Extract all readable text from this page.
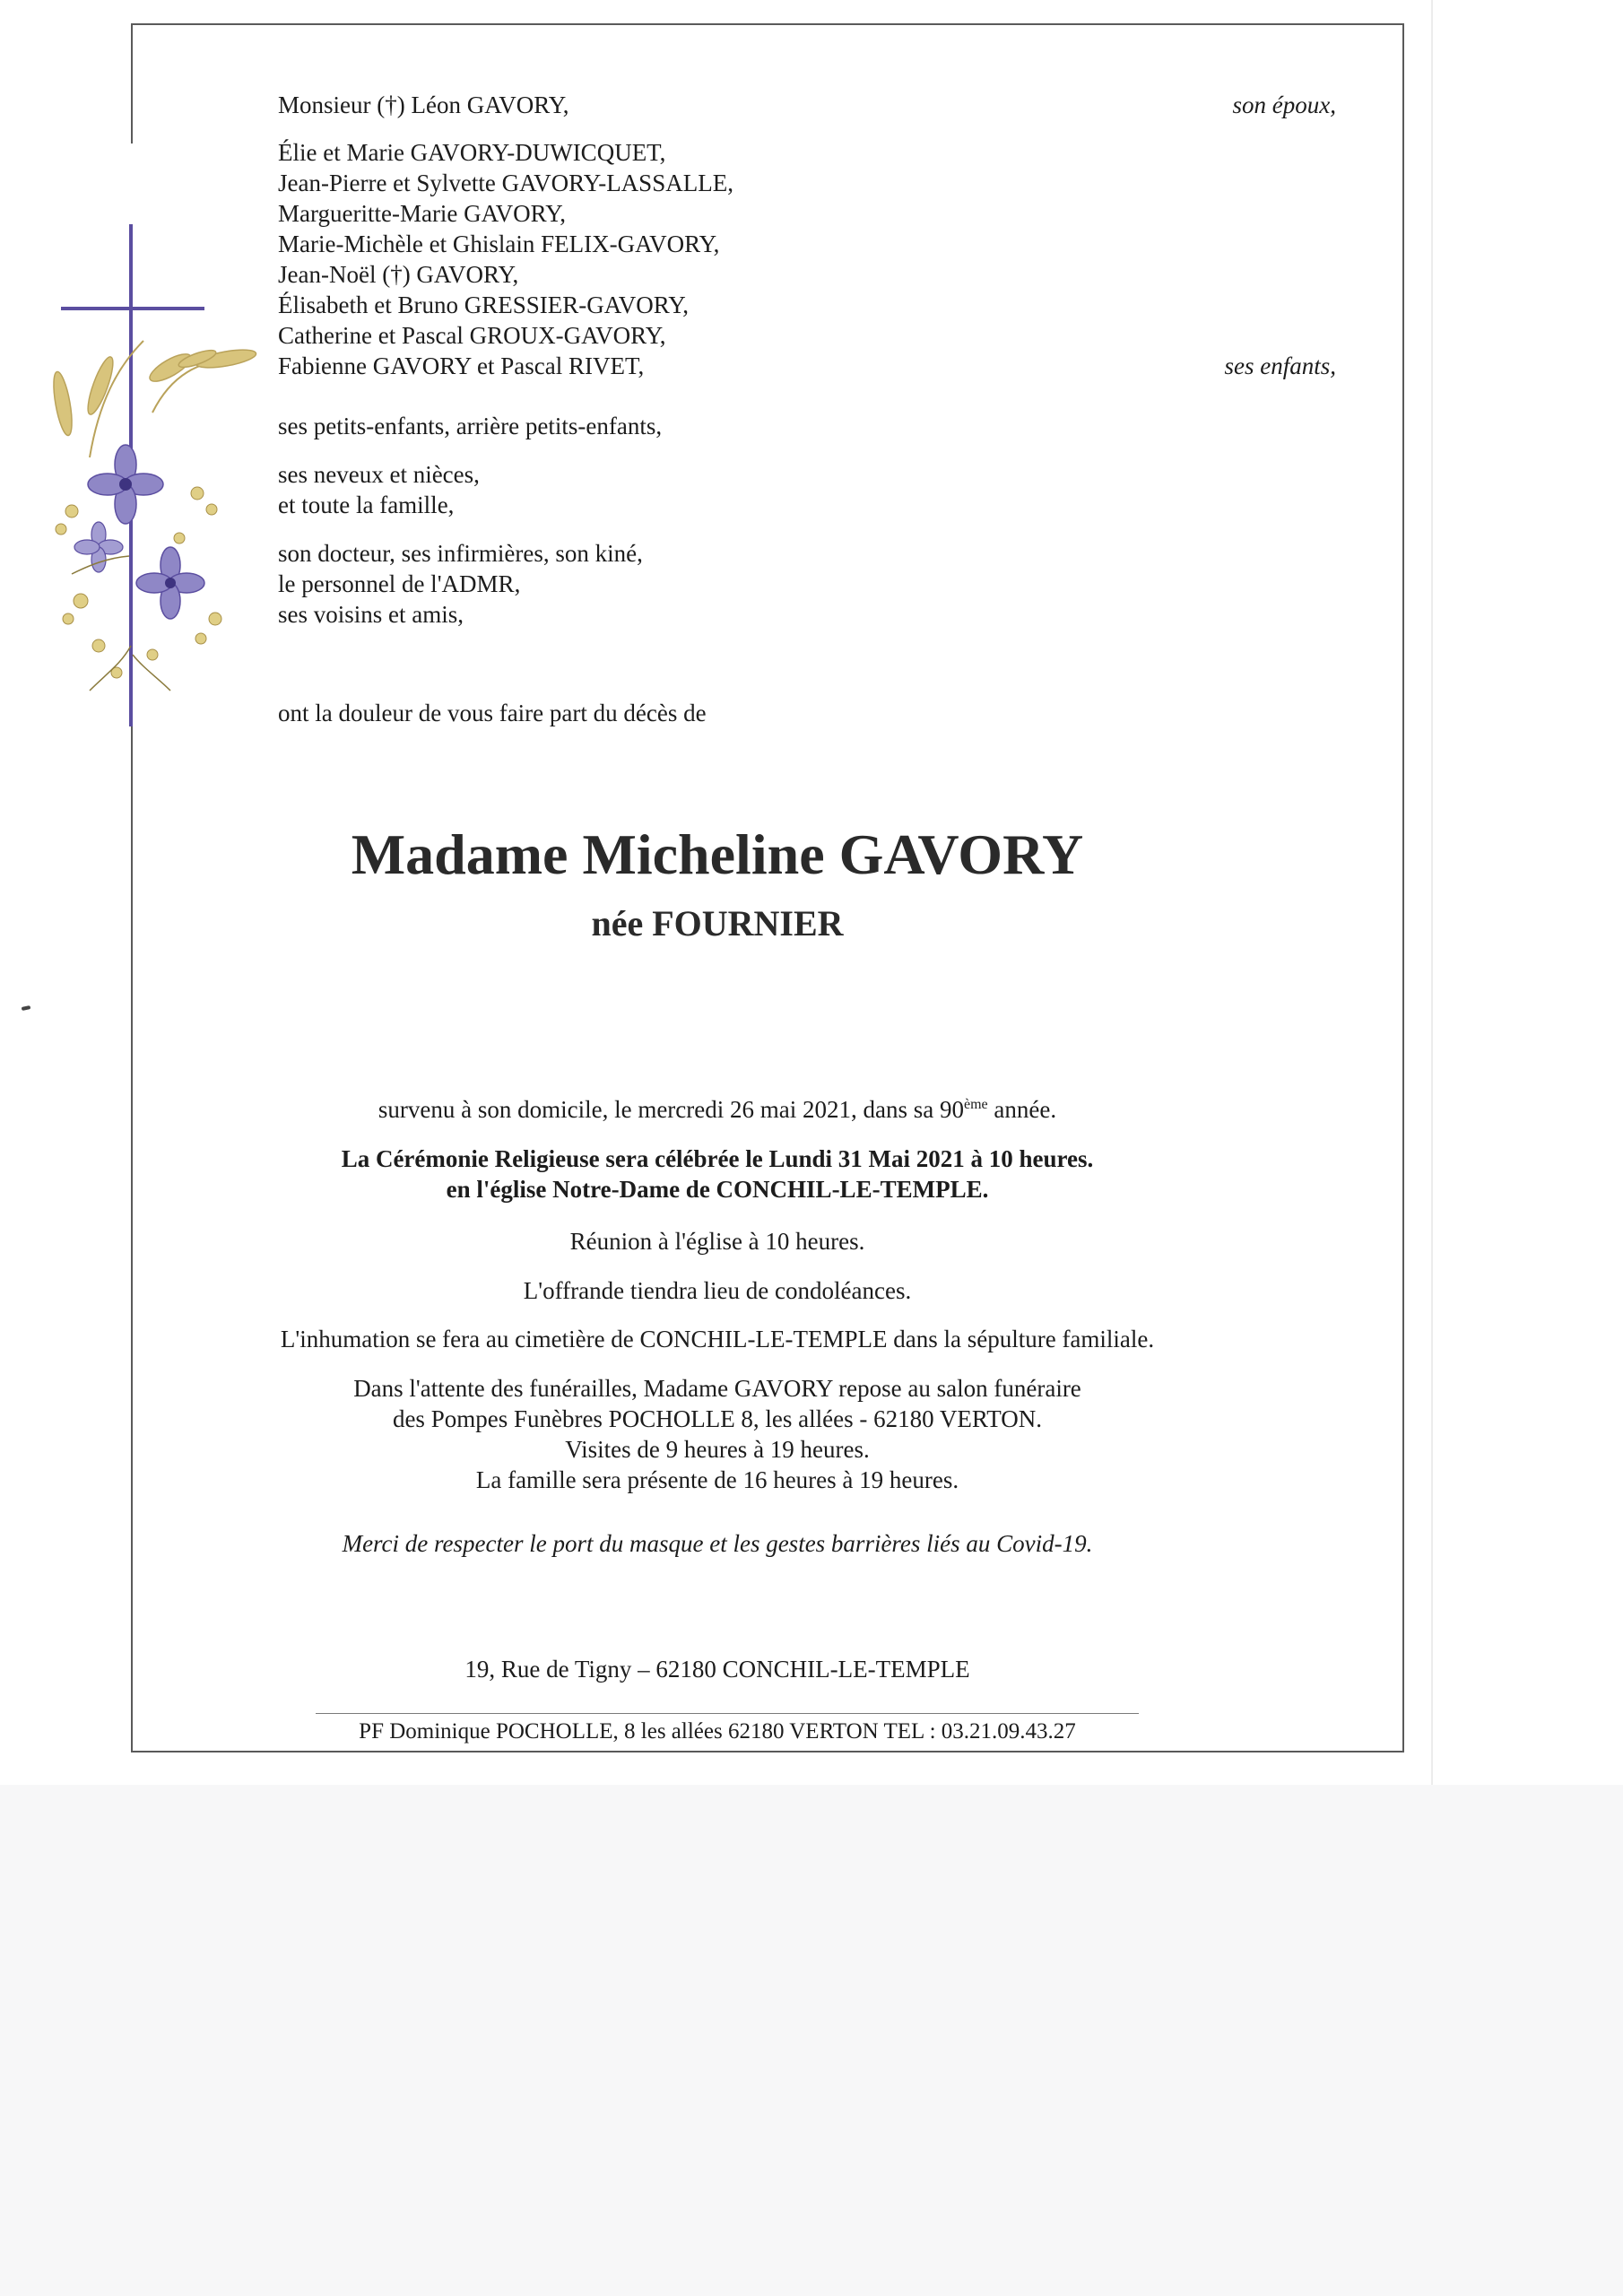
Monsieur (†) Léon GAVORY,	son époux,
Élie et Marie GAVORY-DUWICQUET,
Jean-Pierre et Sylvette GAVORY-LASSALLE,
Margueritte-Marie GAVORY,
Marie-Michèle et Ghislain FELIX-GAVORY,
Jean-Noël (†) GAVORY,
Élisabeth et Bruno GRESSIER-GAVORY,
Catherine et Pascal GROUX-GAVORY,
Fabienne GAVORY et Pascal RIVET,	ses enfants,
ses petits-enfants, arrière petits-enfants,
ses neveux et nièces,
et toute la famille,
son docteur, ses infirmières, son kiné,
le personnel de l'ADMR,
ses voisins et amis,
ont la douleur de vous faire part du décès de
Madame Micheline GAVORY
née FOURNIER
survenu à son domicile, le mercredi 26 mai 2021, dans sa 90ème année.
La Cérémonie Religieuse sera célébrée le Lundi 31 Mai 2021 à 10 heures.
en l'église Notre-Dame de CONCHIL-LE-TEMPLE.
Réunion à l'église à 10 heures.
L'offrande tiendra lieu de condoléances.
L'inhumation se fera au cimetière de CONCHIL-LE-TEMPLE dans la sépulture familiale.
Dans l'attente des funérailles, Madame GAVORY repose au salon funéraire
des Pompes Funèbres POCHOLLE 8, les allées - 62180 VERTON.
Visites de 9 heures à 19 heures.
La famille sera présente de 16 heures à 19 heures.
Merci de respecter le port du masque et les gestes barrières liés au Covid-19.
19, Rue de Tigny – 62180 CONCHIL-LE-TEMPLE
PF Dominique POCHOLLE, 8 les allées 62180 VERTON TEL : 03.21.09.43.27
